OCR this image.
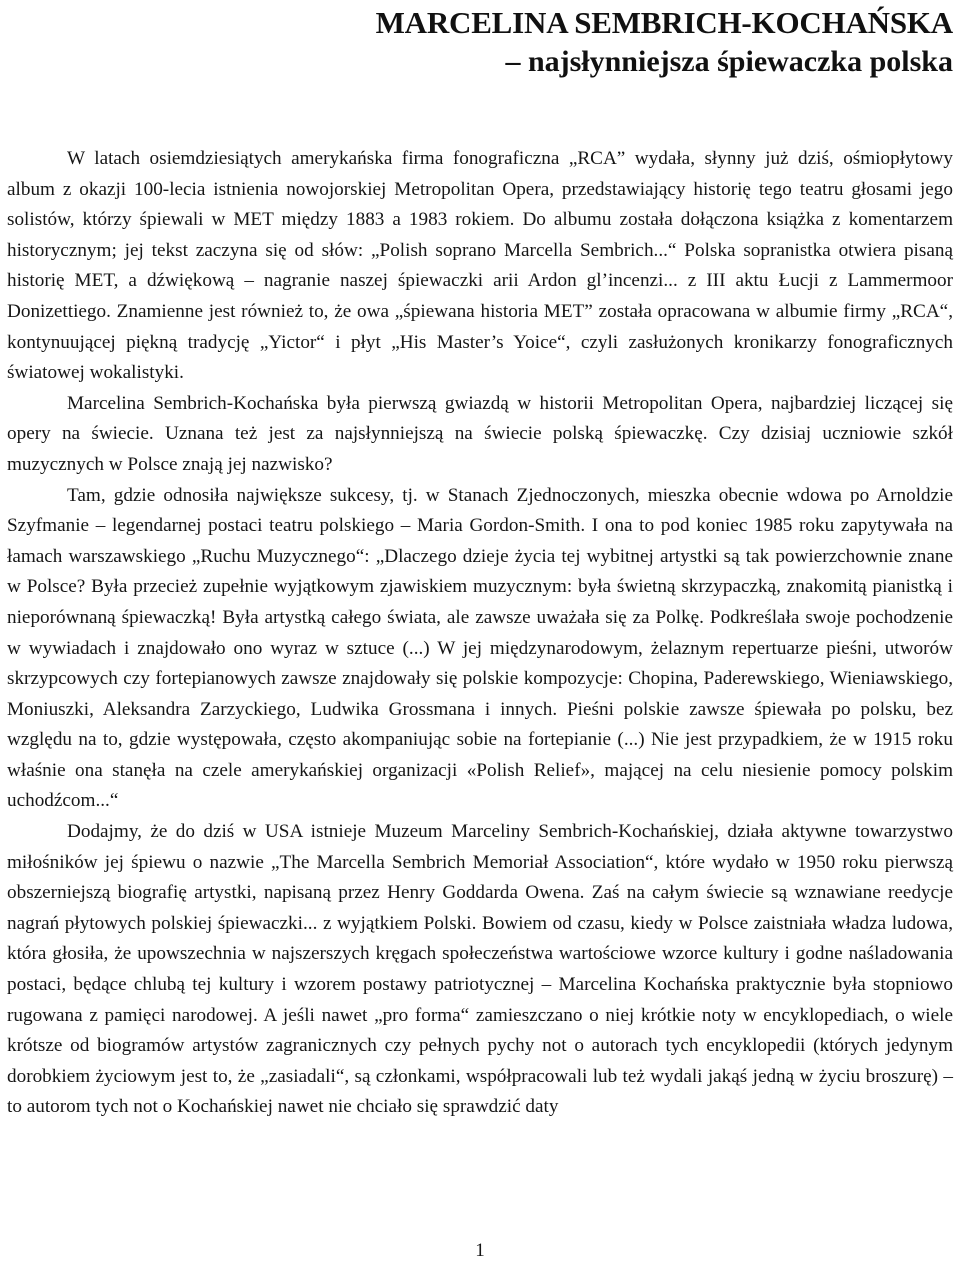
MARCELINA SEMBRICH-KOCHAŃSKA
– najsłynniejsza śpiewaczka polska

W latach osiemdziesiątych amerykańska firma fonograficzna „RCA” wydała, słynny już dziś, ośmiopłytowy album z okazji 100-lecia istnienia nowojorskiej Metropolitan Opera, przedstawiający historię tego teatru głosami jego solistów, którzy śpiewali w MET między 1883 a 1983 rokiem. Do albumu została dołączona książka z komentarzem historycznym; jej tekst zaczyna się od słów: „Polish soprano Marcella Sembrich...“ Polska sopranistka otwiera pisaną historię MET, a dźwiękową – nagranie naszej śpiewaczki arii Ardon gl’incenzi... z III aktu Łucji z Lammermoor Donizettiego. Znamienne jest również to, że owa „śpiewana historia MET” została opracowana w albumie firmy „RCA“, kontynuującej piękną tradycję „Yictor“ i płyt „His Master’s Yoice“, czyli zasłużonych kronikarzy fonograficznych światowej wokalistyki.

Marcelina Sembrich-Kochańska była pierwszą gwiazdą w historii Metropolitan Opera, najbardziej liczącej się opery na świecie. Uznana też jest za najsłynniejszą na świecie polską śpiewaczkę. Czy dzisiaj uczniowie szkół muzycznych w Polsce znają jej nazwisko?

Tam, gdzie odnosiła największe sukcesy, tj. w Stanach Zjednoczonych, mieszka obecnie wdowa po Arnoldzie Szyfmanie – legendarnej postaci teatru polskiego – Maria Gordon-Smith. I ona to pod koniec 1985 roku zapytywała na łamach warszawskiego „Ruchu Muzycznego“: „Dlaczego dzieje życia tej wybitnej artystki są tak powierzchownie znane w Polsce? Była przecież zupełnie wyjątkowym zjawiskiem muzycznym: była świetną skrzypaczką, znakomitą pianistką i nieporównaną śpiewaczką! Była artystką całego świata, ale zawsze uważała się za Polkę. Podkreślała swoje pochodzenie w wywiadach i znajdowało ono wyraz w sztuce (...) W jej międzynarodowym, żelaznym repertuarze pieśni, utworów skrzypcowych czy fortepianowych zawsze znajdowały się polskie kompozycje: Chopina, Paderewskiego, Wieniawskiego, Moniuszki, Aleksandra Zarzyckiego, Ludwika Grossmana i innych. Pieśni polskie zawsze śpiewała po polsku, bez względu na to, gdzie występowała, często akompaniując sobie na fortepianie (...) Nie jest przypadkiem, że w 1915 roku właśnie ona stanęła na czele amerykańskiej organizacji «Polish Relief», mającej na celu niesienie pomocy polskim uchodźcom...“

Dodajmy, że do dziś w USA istnieje Muzeum Marceliny Sembrich-Kochańskiej, działa aktywne towarzystwo miłośników jej śpiewu o nazwie „The Marcella Sembrich Memoriał Association“, które wydało w 1950 roku pierwszą obszerniejszą biografię artystki, napisaną przez Henry Goddarda Owena. Zaś na całym świecie są wznawiane reedycje nagrań płytowych polskiej śpiewaczki... z wyjątkiem Polski. Bowiem od czasu, kiedy w Polsce zaistniała władza ludowa, która głosiła, że upowszechnia w najszerszych kręgach społeczeństwa wartościowe wzorce kultury i godne naśladowania postaci, będące chlubą tej kultury i wzorem postawy patriotycznej – Marcelina Kochańska praktycznie była stopniowo rugowana z pamięci narodowej. A jeśli nawet „pro forma“ zamieszczano o niej krótkie noty w encyklopediach, o wiele krótsze od biogramów artystów zagranicznych czy pełnych pychy not o autorach tych encyklopedii (których jedynym dorobkiem życiowym jest to, że „zasiadali“, są członkami, współpracowali lub też wydali jakąś jedną w życiu broszurę) – to autorom tych not o Kochańskiej nawet nie chciało się sprawdzić daty

1
